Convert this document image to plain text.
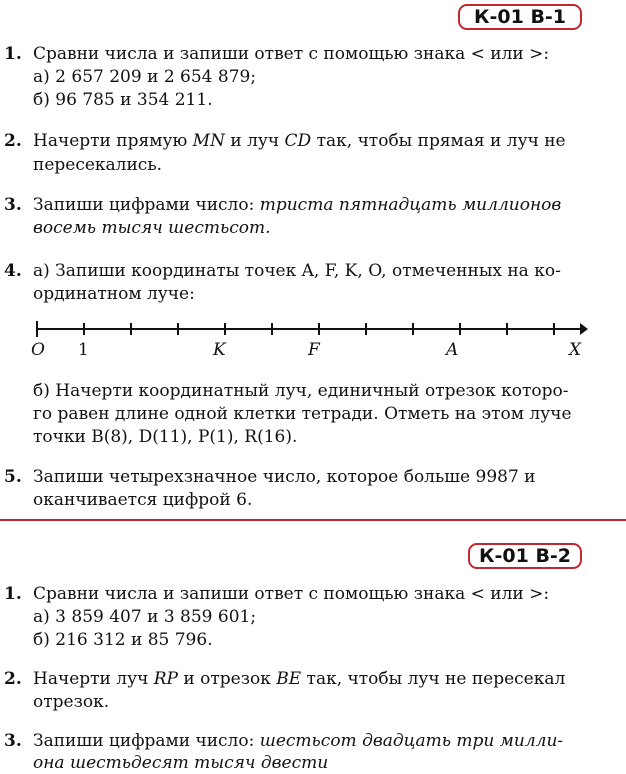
К-01 В-1
1. Сравни числа и запиши ответ с помощью знака < или >:
а) 2 657 209 и 2 654 879;
б) 96 785 и 354 211.
2. Начерти прямую MN и луч CD так, чтобы прямая и луч не
пересекались.
3. Запиши цифрами число: триста пятнадцать миллионов
восемь тысяч шестьсот.
4. а) Запиши координаты точек A, F, K, O, отмеченных на ко-
ординатном луче:
O 1	K	F	A	X
б) Начерти координатный луч, единичный отрезок которо-
го равен длине одной клетки тетради. Отметь на этом луче
точки B(8), D(11), P(1), R(16).
5. Запиши четырехзначное число, которое больше 9987 и
оканчивается цифрой 6.
К-01 В-2
1. Сравни числа и запиши ответ с помощью знака < или >:
а) 3 859 407 и 3 859 601;
б) 216 312 и 85 796.
2. Начерти луч RP и отрезок BE так, чтобы луч не пересекал
отрезок.
3. Запиши цифрами число: шестьсот двадцать три милли-
она шестьдесят тысяч двести
